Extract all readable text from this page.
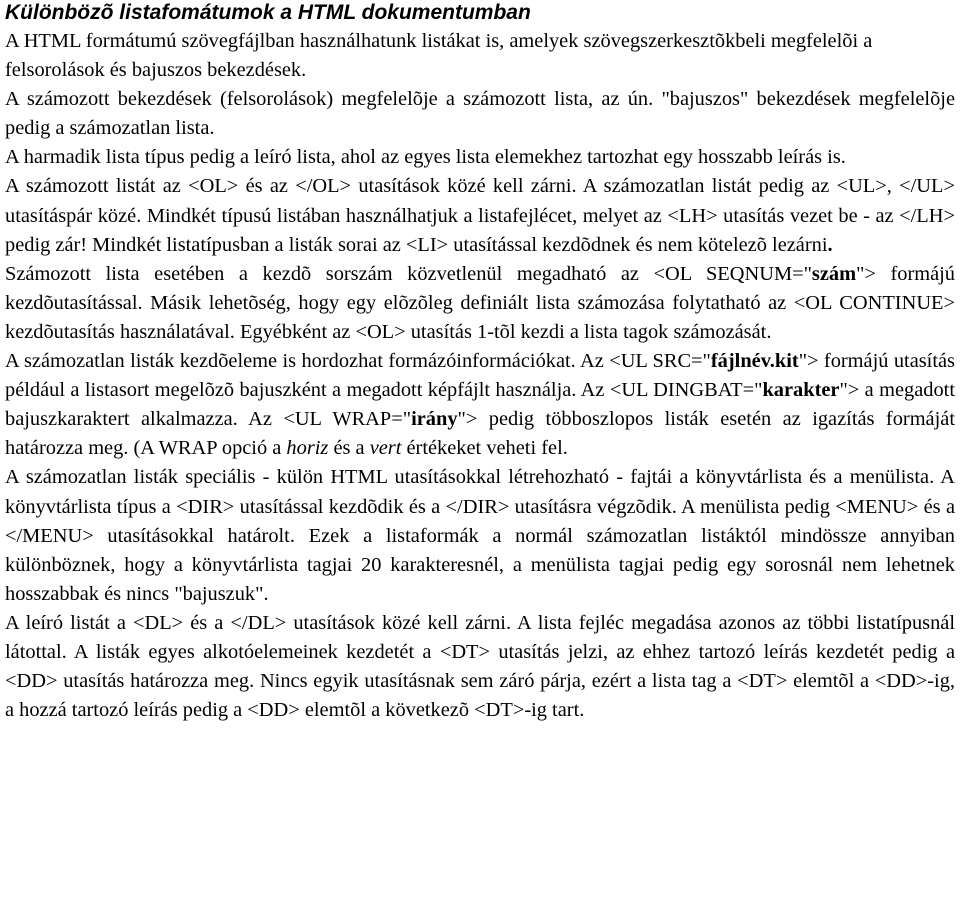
Különbözõ listafomátumok a HTML dokumentumban

A HTML formátumú szövegfájlban használhatunk listákat is, amelyek szövegszerkesztõkbeli megfelelõi a felsorolások és bajuszos bekezdések.

A számozott bekezdések (felsorolások) megfelelõje a számozott lista, az ún. "bajuszos" bekezdések megfelelõje pedig a számozatlan lista.

A harmadik lista típus pedig a leíró lista, ahol az egyes lista elemekhez tartozhat egy hosszabb leírás is.

A számozott listát az <OL> és az </OL> utasítások közé kell zárni. A számozatlan listát pedig az <UL>, </UL> utasításpár közé. Mindkét típusú listában használhatjuk a listafejlécet, melyet az <LH> utasítás vezet be - az </LH> pedig zár! Mindkét listatípusban a listák sorai az <LI> utasítással kezdõdnek és nem kötelezõ lezárni.

Számozott lista esetében a kezdõ sorszám közvetlenül megadható az <OL SEQNUM="szám"> formájú kezdõutasítással. Másik lehetõség, hogy egy elõzõleg definiált lista számozása folytatható az <OL CONTINUE> kezdõutasítás használatával. Egyébként az <OL> utasítás 1-tõl kezdi a lista tagok számozását.

A számozatlan listák kezdõeleme is hordozhat formázóinformációkat. Az <UL SRC="fájlnév.kit"> formájú utasítás például a listasort megelõzõ bajuszként a megadott képfájlt használja. Az <UL DINGBAT="karakter"> a megadott bajuszkaraktert alkalmazza. Az <UL WRAP="irány"> pedig többoszlopos listák esetén az igazítás formáját határozza meg. (A WRAP opció a horiz és a vert értékeket veheti fel.

A számozatlan listák speciális - külön HTML utasításokkal létrehozható - fajtái a könyvtárlista és a menülista. A könyvtárlista típus a <DIR> utasítással kezdõdik és a </DIR> utasításra végzõdik. A menülista pedig <MENU> és a </MENU> utasításokkal határolt. Ezek a listaformák a normál számozatlan listáktól mindössze annyiban különböznek, hogy a könyvtárlista tagjai 20 karakteresnél, a menülista tagjai pedig egy sorosnál nem lehetnek hosszabbak és nincs "bajuszuk".

A leíró listát a <DL> és a </DL> utasítások közé kell zárni. A lista fejléc megadása azonos az többi listatípusnál látottal. A listák egyes alkotóelemeinek kezdetét a <DT> utasítás jelzi, az ehhez tartozó leírás kezdetét pedig a <DD> utasítás határozza meg. Nincs egyik utasításnak sem záró párja, ezért a lista tag a <DT> elemtõl a <DD>-ig, a hozzá tartozó leírás pedig a <DD> elemtõl a következõ <DT>-ig tart.
